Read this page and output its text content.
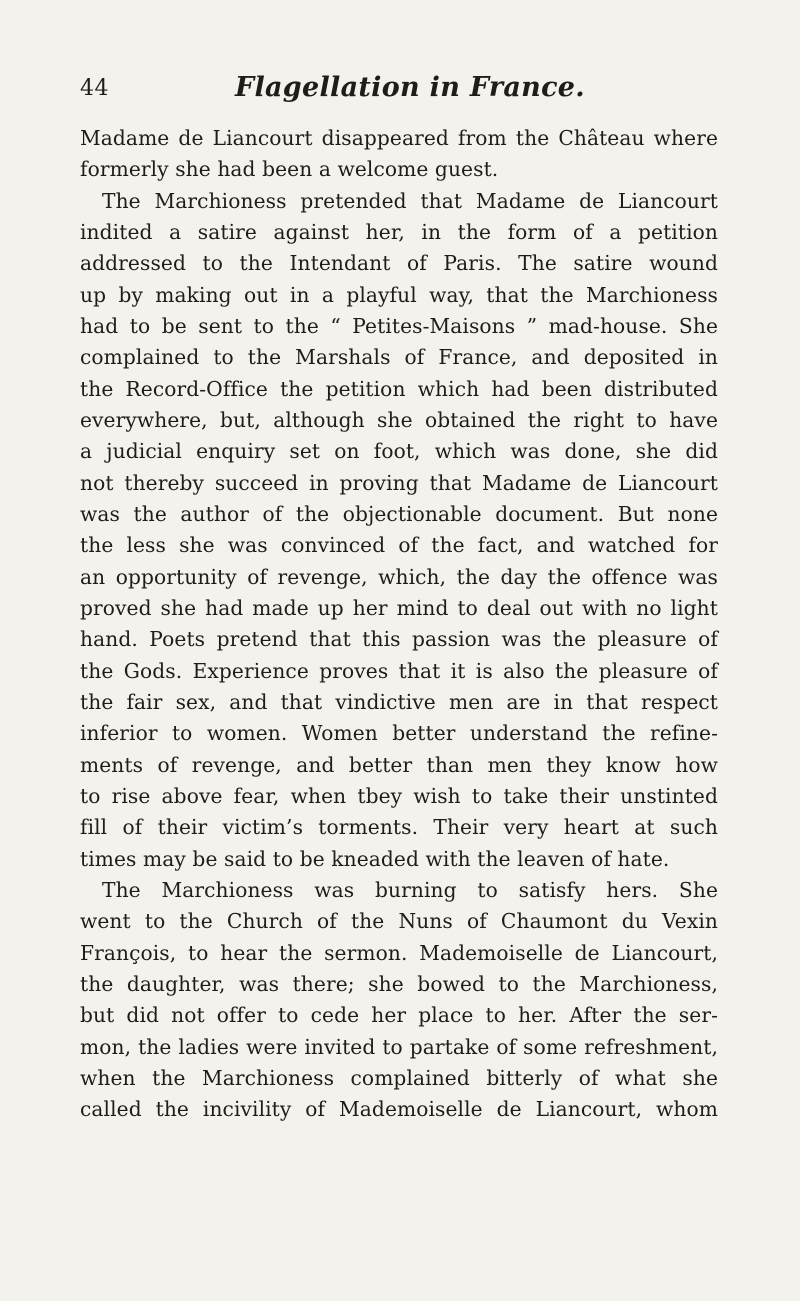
44	Flagellation in France.
Madame de Liancourt disappeared from the Château where
formerly she had been a welcome guest.
The Marchioness pretended that Madame de Liancourt
indited a satire against her, in the form of a petition
addressed to the Intendant of Paris. The satire wound
up by making out in a playful way, that the Marchioness
had to be sent to the “ Petites-Maisons ” mad-house. She
complained to the Marshals of France, and deposited in
the Record-Office the petition which had been distributed
everywhere, but, although she obtained the right to have
a judicial enquiry set on foot, which was done, she did
not thereby succeed in proving that Madame de Liancourt
was the author of the objectionable document. But none
the less she was convinced of the fact, and watched for
an opportunity of revenge, which, the day the offence was
proved she had made up her mind to deal out with no light
hand. Poets pretend that this passion was the pleasure of
the Gods. Experience proves that it is also the pleasure of
the fair sex, and that vindictive men are in that respect
inferior to women. Women better understand the refine-
ments of revenge, and better than men they know how
to rise above fear, when tbey wish to take their unstinted
fill of their victim’s torments. Their very heart at such
times may be said to be kneaded with the leaven of hate.
The Marchioness was burning to satisfy hers. She
went to the Church of the Nuns of Chaumont du Vexin
François, to hear the sermon. Mademoiselle de Liancourt,
the daughter, was there; she bowed to the Marchioness,
but did not offer to cede her place to her. After the ser-
mon, the ladies were invited to partake of some refreshment,
when the Marchioness complained bitterly of what she
called the incivility of Mademoiselle de Liancourt, whom
